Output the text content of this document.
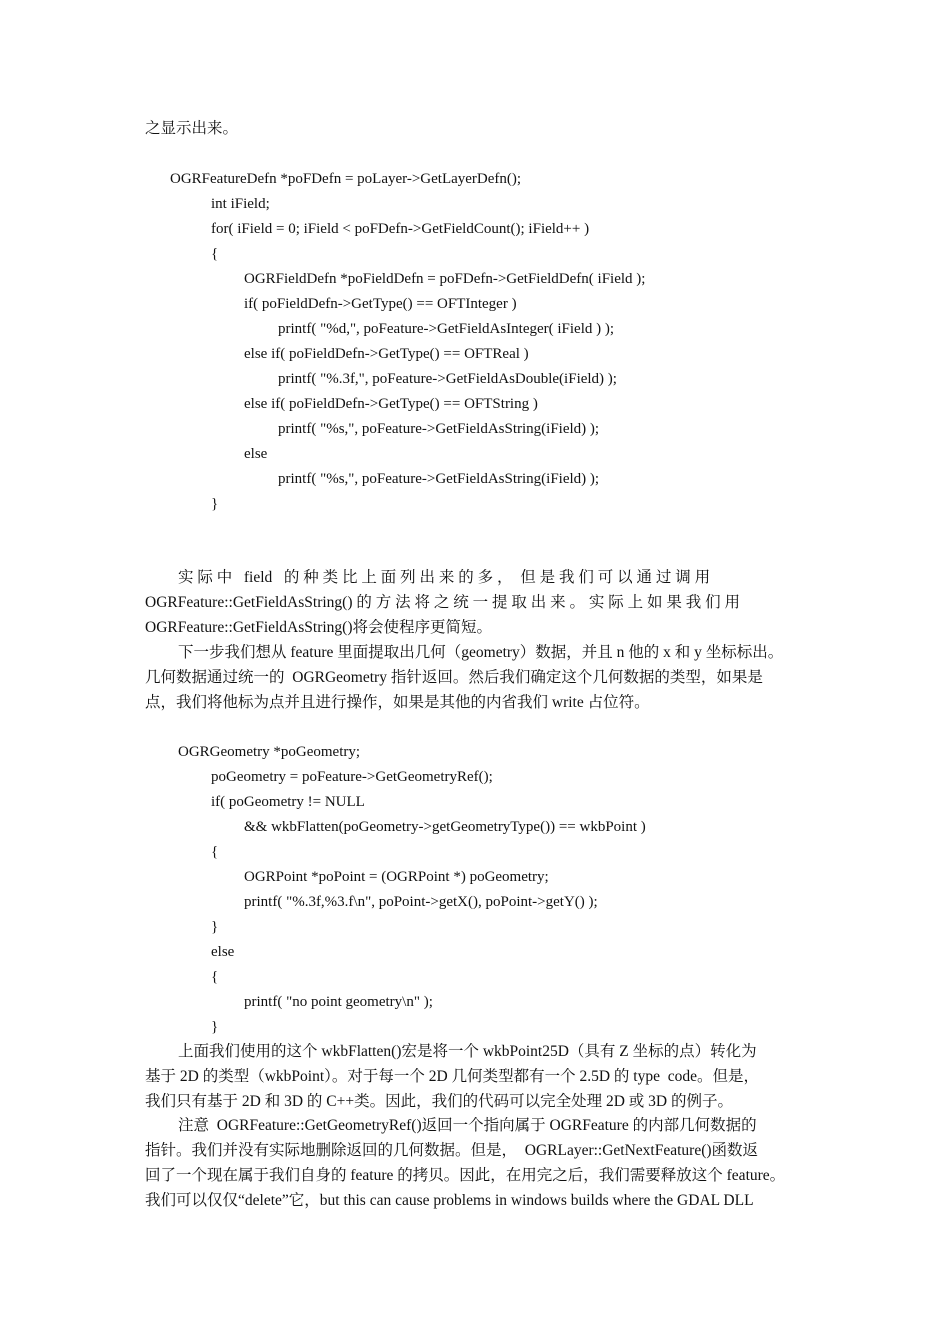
之显示出来。
OGRFeatureDefn *poFDefn = poLayer->GetLayerDefn();
int iField;
for( iField = 0; iField < poFDefn->GetFieldCount(); iField++ )
{
OGRFieldDefn *poFieldDefn = poFDefn->GetFieldDefn( iField );
if( poFieldDefn->GetType() == OFTInteger )
printf( "%d,", poFeature->GetFieldAsInteger( iField ) );
else if( poFieldDefn->GetType() == OFTReal )
printf( "%.3f,", poFeature->GetFieldAsDouble(iField) );
else if( poFieldDefn->GetType() == OFTString )
printf( "%s,", poFeature->GetFieldAsString(iField) );
else
printf( "%s,", poFeature->GetFieldAsString(iField) );
}
实 际 中   field   的 种 类 比 上 面 列 出 来 的 多 ，  但 是 我 们 可 以 通 过 调 用
OGRFeature::GetFieldAsString() 的 方 法 将 之 统 一 提 取 出 来 。 实 际 上 如 果 我 们 用
OGRFeature::GetFieldAsString()将会使程序更简短。
下一步我们想从 feature 里面提取出几何（geometry）数据，并且 n 他的 x 和 y 坐标标出。
几何数据通过统一的  OGRGeometry 指针返回。然后我们确定这个几何数据的类型，如果是
点，我们将他标为点并且进行操作，如果是其他的内省我们 write 占位符。
OGRGeometry *poGeometry;
poGeometry = poFeature->GetGeometryRef();
if( poGeometry != NULL
&& wkbFlatten(poGeometry->getGeometryType()) == wkbPoint )
{
OGRPoint *poPoint = (OGRPoint *) poGeometry;
printf( "%.3f,%3.f\n", poPoint->getX(), poPoint->getY() );
}
else
{
printf( "no point geometry\n" );
}
上面我们使用的这个 wkbFlatten()宏是将一个 wkbPoint25D（具有 Z 坐标的点）转化为
基于 2D 的类型（wkbPoint）。对于每一个 2D 几何类型都有一个 2.5D 的 type  code。但是，
我们只有基于 2D 和 3D 的 C++类。因此，我们的代码可以完全处理 2D 或 3D 的例子。
注意  OGRFeature::GetGeometryRef()返回一个指向属于 OGRFeature 的内部几何数据的
指针。我们并没有实际地删除返回的几何数据。但是，  OGRLayer::GetNextFeature()函数返
回了一个现在属于我们自身的 feature 的拷贝。因此，在用完之后，我们需要释放这个 feature。
我们可以仅仅“delete”它，but this can cause problems in windows builds where the GDAL DLL
